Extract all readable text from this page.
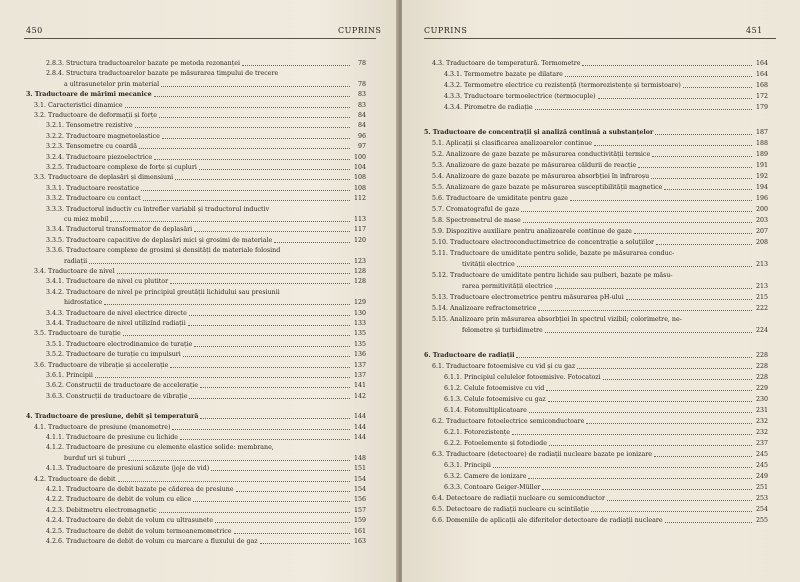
450	CUPRINS
2.8.3. Structura traductoarelor bazate pe metoda rezonanței	78
2.8.4. Structura traductoarelor bazate pe măsurarea timpului de trecere
a ultrasunetelor prin material	78
3. Traductoare de mărimi mecanice	83
3.1. Caracteristici dinamice	83
3.2. Traductoare de deformații și forțe	84
3.2.1. Tensometre rezistive	84
3.2.2. Traductoare magnetoelastice	96
3.2.3. Tensometre cu coardă	97
3.2.4. Traductoare piezoelectrice	100
3.2.5. Traductoare complexe de forțe și cupluri	104
3.3. Traductoare de deplasări și dimensiuni	108
3.3.1. Traductoare reostatice	108
3.3.2. Traductoare cu contact	112
3.3.3. Traductorul inductiv cu întrefier variabil și traductorul inductiv
cu miez mobil	113
3.3.4. Traductorul transformator de deplasări	117
3.3.5. Traductoare capacitive de deplasări mici și grosimi de materiale	120
3.3.6. Traductoare complexe de grosimi și densități de materiale folosind
radiații	123
3.4. Traductoare de nivel	128
3.4.1. Traductoare de nivel cu plutitor	128
3.4.2. Traductoare de nivel pe principiul greutății lichidului sau presiunii
hidrostatice	129
3.4.3. Traductoare de nivel electrice directe	130
3.4.4. Traductoare de nivel utilizînd radiații	133
3.5. Traductoare de turație	135
3.5.1. Traductoare electrodinamice de turație	135
3.5.2. Traductoare de turație cu impulsuri	136
3.6. Traductoare de vibrație și accelerație	137
3.6.1. Principii	137
3.6.2. Construcții de traductoare de accelerație	141
3.6.3. Construcții de traductoare de vibrație	142
4. Traductoare de presiune, debit și temperatură	144
4.1. Traductoare de presiune (manometre)	144
4.1.1. Traductoare de presiune cu lichide	144
4.1.2. Traductoare de presiune cu elemente elastice solide: membrane,
burduf uri și tuburi	148
4.1.3. Traductoare de presiuni scăzute (joje de vid)	151
4.2. Traductoare de debit	154
4.2.1. Traductoare de debit bazate pe căderea de presiune	154
4.2.2. Traductoare de debit de volum cu elice	156
4.2.3. Debitmetru electromagnetic	157
4.2.4. Traductoare de debit de volum cu ultrasunete	159
4.2.5. Traductoare de debit de volum termoanemometrice	161
4.2.6. Traductoare de debit de volum cu marcare a fluxului de gaz	163
CUPRINS	451
4.3. Traductoare de temperatură. Termometre	164
4.3.1. Termometre bazate pe dilatare	164
4.3.2. Termometre electrice cu rezistență (termorezistențe și termistoare)	168
4.3.3. Traductoare termoelectrice (termocuple)	172
4.3.4. Pirometre de radiație	179
5. Traductoare de concentrații și analiză continuă a substanțelor	187
5.1. Aplicații și clasificarea analizoarelor continue	188
5.2. Analizoare de gaze bazate pe măsurarea conductivității termice	189
5.3. Analizoare de gaze bazate pe măsurarea căldurii de reacție	191
5.4. Analizoare de gaze bazate pe măsurarea absorbției în infraroșu	192
5.5. Analizoare de gaze bazate pe măsurarea susceptibilității magnetice	194
5.6. Traductoare de umiditate pentru gaze	196
5.7. Cromatograful de gaze	200
5.8. Spectrometrul de mase	203
5.9. Dispozitive auxiliare pentru analizoarele continue de gaze	207
5.10. Traductoare electroconductimetrice de concentrație a soluțiilor	208
5.11. Traductoare de umiditate pentru solide, bazate pe măsurarea conduc-
tivității electrice	213
5.12. Traductoare de umiditate pentru lichide sau pulberi, bazate pe măsu-
rarea permitivității electrice	213
5.13. Traductoare electrometrice pentru măsurarea pH-ului	215
5.14. Analizoare refractometrice	222
5.15. Analizoare prin măsurarea absorbției în spectrul vizibil; colorimetre, ne-
felometre și turbidimetre	224
6. Traductoare de radiații	228
6.1. Traductoare fotoemisive cu vid și cu gaz	228
6.1.1. Principiul celulelor fotoemisive. Fotocatozi	228
6.1.2. Celule fotoemisive cu vid	229
6.1.3. Celule fotoemisive cu gaz	230
6.1.4. Fotomultiplicatoare	231
6.2. Traductoare fotoelectrice semiconductoare	232
6.2.1. Fotorezistențe	232
6.2.2. Fotoelemente și fotodiode	237
6.3. Traductoare (detectoare) de radiații nucleare bazate pe ionizare	245
6.3.1. Principii	245
6.3.2. Camere de ionizare	249
6.3.3. Contoare Geiger-Müller	251
6.4. Detectoare de radiații nucleare cu semiconductor	253
6.5. Detectoare de radiații nucleare cu scintilație	254
6.6. Domeniile de aplicații ale diferitelor detectoare de radiații nucleare	255
